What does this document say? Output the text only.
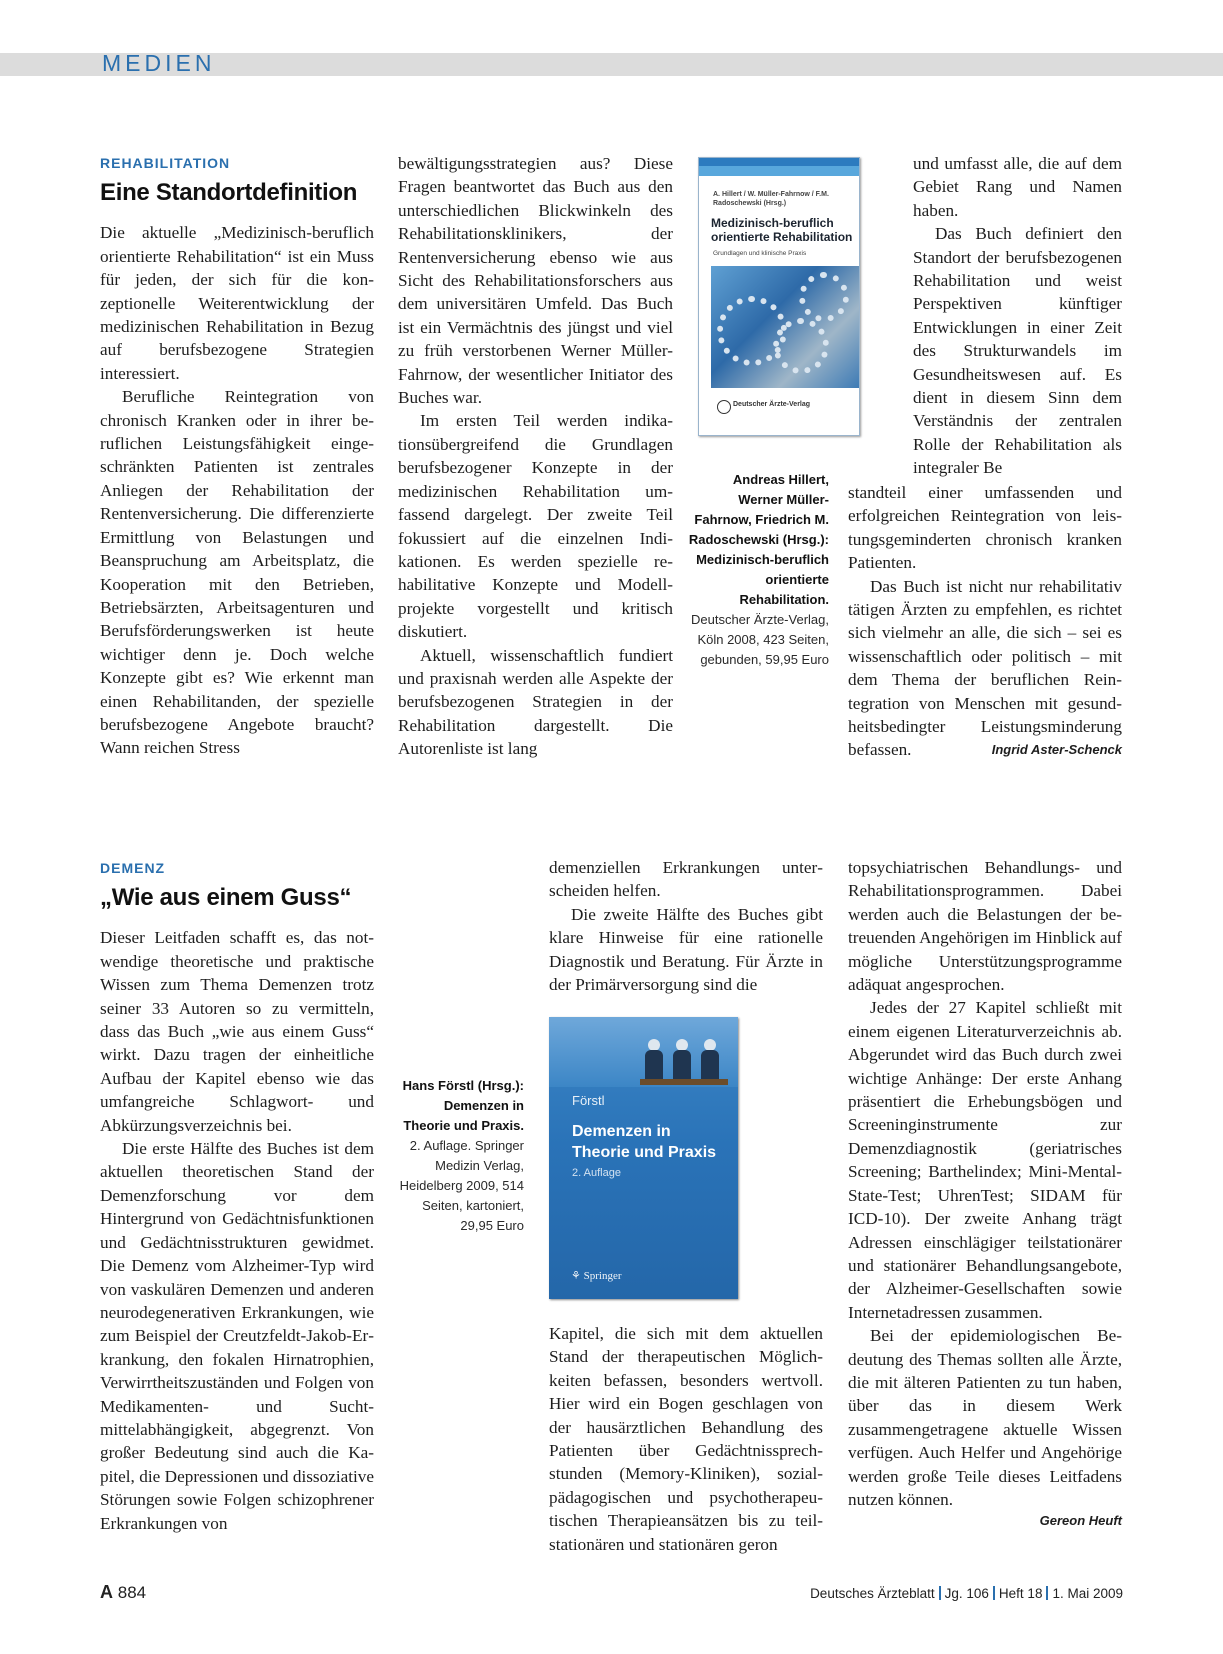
MEDIEN
REHABILITATION
Eine Standortdefinition

Die aktuelle „Medizinisch-beruflich orientierte Rehabilitation“ ist ein Muss für jeden, der sich für die konzeptionelle Weiterentwicklung der medizinischen Rehabilitation in Bezug auf berufsbezogene Strategien interessiert.

Berufliche Reintegration von chronisch Kranken oder in ihrer beruflichen Leistungsfähigkeit eingeschränkten Patienten ist zentrales Anliegen der Rehabilitation der Rentenversicherung. Die differenzierte Ermittlung von Belastungen und Beanspruchung am Arbeitsplatz, die Kooperation mit den Betrieben, Betriebsärzten, Arbeitsagenturen und Berufsförderungswerken ist heute wichtiger denn je. Doch welche Konzepte gibt es? Wie erkennt man einen Rehabilitanden, der spezielle berufsbezogene Angebote braucht? Wann reichen Stress

bewältigungsstrategien aus? Diese Fragen beantwortet das Buch aus den unterschiedlichen Blickwinkeln des Rehabilitationsklinikers, der Rentenversicherung ebenso wie aus Sicht des Rehabilitationsforschers aus dem universitären Umfeld. Das Buch ist ein Vermächtnis des jüngst und viel zu früh verstorbenen Werner Müller-Fahrnow, der wesentlicher Initiator des Buches war.

Im ersten Teil werden indikationsübergreifend die Grundlagen berufsbezogener Konzepte in der medizinischen Rehabilitation umfassend dargelegt. Der zweite Teil fokussiert auf die einzelnen Indikationen. Es werden spezielle rehabilitative Konzepte und Modellprojekte vorgestellt und kritisch diskutiert.

Aktuell, wissenschaftlich fundiert und praxisnah werden alle Aspekte der berufsbezogenen Strategien in der Rehabilitation dargestellt. Die Autorenliste ist lang

A. Hillert / W. Müller-Fahrnow / F.M. Radoschewski (Hrsg.)
Medizinisch-beruflich orientierte Rehabilitation
Grundlagen und klinische Praxis
Deutscher Ärzte-Verlag
Andreas Hillert, Werner Müller-Fahrnow, Friedrich M. Radoschewski (Hrsg.): Medizinisch-beruflich orientierte Rehabilitation. Deutscher Ärzte-Verlag, Köln 2008, 423 Seiten, gebunden, 59,95 Euro

und umfasst alle, die auf dem Gebiet Rang und Namen haben.

Das Buch definiert den Standort der berufsbezogenen Rehabilitation und weist Perspektiven künftiger Entwicklungen in einer Zeit des Strukturwandels im Gesundheitswesen auf. Es dient in diesem Sinn dem Verständnis der zentralen Rolle der Rehabilitation als integraler Be

standteil einer umfassenden und erfolgreichen Reintegration von leistungsgeminderten chronisch kranken Patienten.

Das Buch ist nicht nur rehabilitativ tätigen Ärzten zu empfehlen, es richtet sich vielmehr an alle, die sich – sei es wissenschaftlich oder politisch – mit dem Thema der beruflichen Reintegration von Menschen mit gesundheitsbedingter Leistungsminderung befassen.	Ingrid Aster-Schenck
DEMENZ
„Wie aus einem Guss“

Dieser Leitfaden schafft es, das notwendige theoretische und praktische Wissen zum Thema Demenzen trotz seiner 33 Autoren so zu vermitteln, dass das Buch „wie aus einem Guss“ wirkt. Dazu tragen der einheitliche Aufbau der Kapitel ebenso wie das umfangreiche Schlagwort- und Abkürzungsverzeichnis bei.

Die erste Hälfte des Buches ist dem aktuellen theoretischen Stand der Demenzforschung vor dem Hintergrund von Gedächtnisfunktionen und Gedächtnisstrukturen gewidmet. Die Demenz vom Alzheimer-Typ wird von vaskulären Demenzen und anderen neurodegenerativen Erkrankungen, wie zum Beispiel der Creutzfeldt-Jakob-Erkrankung, den fokalen Hirnatrophien, Verwirrtheitszuständen und Folgen von Medikamenten- und Suchtmittelabhängigkeit, abgegrenzt. Von großer Bedeutung sind auch die Kapitel, die Depressionen und dissoziative Störungen sowie Folgen schizophrener Erkrankungen von

Hans Förstl (Hrsg.): Demenzen in Theorie und Praxis. 2. Auflage. Springer Medizin Verlag, Heidelberg 2009, 514 Seiten, kartoniert, 29,95 Euro

demenziellen Erkrankungen unterscheiden helfen.

Die zweite Hälfte des Buches gibt klare Hinweise für eine rationelle Diagnostik und Beratung. Für Ärzte in der Primärversorgung sind die

Förstl
Demenzen in Theorie und Praxis
2. Auflage
⚘ Springer

Kapitel, die sich mit dem aktuellen Stand der therapeutischen Möglichkeiten befassen, besonders wertvoll. Hier wird ein Bogen geschlagen von der hausärztlichen Behandlung des Patienten über Gedächtnissprechstunden (Memory-Kliniken), sozialpädagogischen und psychotherapeutischen Therapieansätzen bis zu teilstationären und stationären geron

topsychiatrischen Behandlungs- und Rehabilitationsprogrammen. Dabei werden auch die Belastungen der betreuenden Angehörigen im Hinblick auf mögliche Unterstützungsprogramme adäquat angesprochen.

Jedes der 27 Kapitel schließt mit einem eigenen Literaturverzeichnis ab. Abgerundet wird das Buch durch zwei wichtige Anhänge: Der erste Anhang präsentiert die Erhebungsbögen und Screeninginstrumente zur Demenzdiagnostik (geriatrisches Screening; Barthelindex; Mini-Mental-State-Test; UhrenTest; SIDAM für ICD-10). Der zweite Anhang trägt Adressen einschlägiger teilstationärer und stationärer Behandlungsangebote, der Alzheimer-Gesellschaften sowie Internetadressen zusammen.

Bei der epidemiologischen Bedeutung des Themas sollten alle Ärzte, die mit älteren Patienten zu tun haben, über das in diesem Werk zusammengetragene aktuelle Wissen verfügen. Auch Helfer und Angehörige werden große Teile dieses Leitfadens nutzen können.

Gereon Heuft
A 884	Deutsches Ärzteblatt Jg. 106 Heft 18 1. Mai 2009
